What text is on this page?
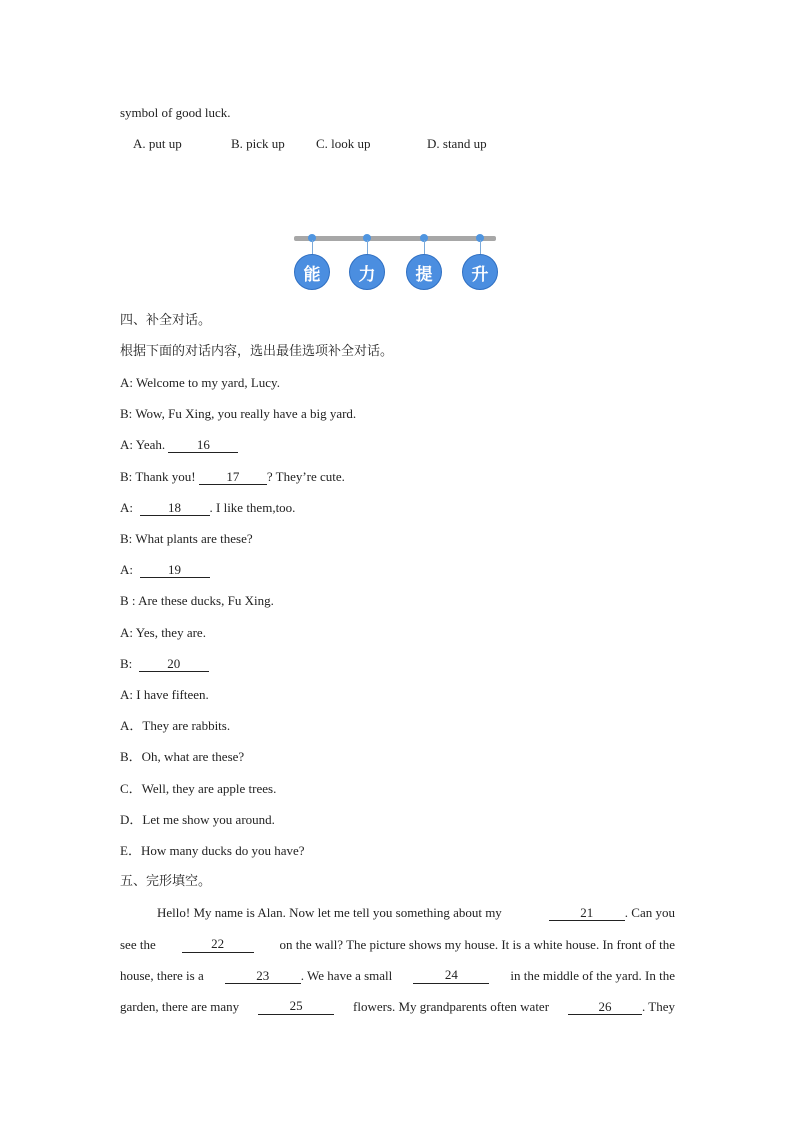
symbol of good luck.
A. put up	B. pick up C. look up	D. stand up
能	力	提	升
四、补全对话。
根据下面的对话内容，选出最佳选项补全对话。
A: Welcome to my yard, Lucy.
B: Wow, Fu Xing, you really have a big yard.
A: Yeah. 16
B: Thank you! 17 ? They’re cute.
A:	18 . I like them,too.
B: What plants are these?
A:	19
B : Are these ducks, Fu Xing.
A: Yes, they are.
B:	20
A: I have fifteen.
A．They are rabbits.
B．Oh, what are these?
C．Well, they are apple trees.
D．Let me show you around.
E．How many ducks do you have?
五、完形填空。
Hello! My name is Alan. Now let me tell you something about my	21 . Can you
see the	22	on the wall? The picture shows my house. It is a white house. In front of the
house, there is a	23 . We have a small	24	in the middle of the yard. In the
garden, there are many	25	flowers. My grandparents often water	26 . They
